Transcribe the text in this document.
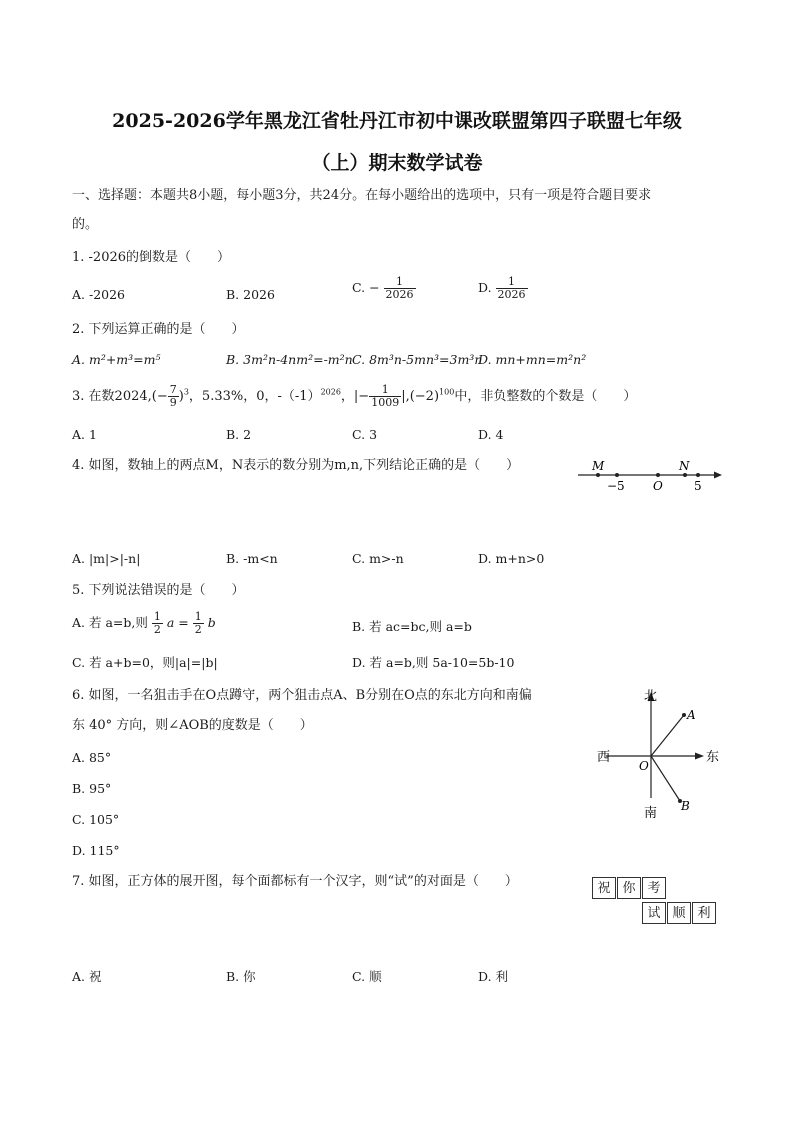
2025-2026学年黑龙江省牡丹江市初中课改联盟第四子联盟七年级
（上）期末数学试卷
一、选择题：本题共8小题，每小题3分，共24分。在每小题给出的选项中，只有一项是符合题目要求
的。
1. -2026的倒数是（　　）
A. -2026	B. 2026	C. − $\frac{1}{2026}$	D. $\frac{1}{2026}$
2. 下列运算正确的是（　　）
A. m²+m³=m⁵	B. 3m²n-4nm²=-m²n C. 8m³n-5mn³=3m³n
D. mn+mn=m²n²
3. 在数$2024,(- \frac{7}{9} )^3$，5.33%，0，$-(-1)^{2026}$，|− $\frac{1}{1009} |,(-2)^{100}$中，非负整数的个数是（　　）
A. 1	B. 2	C. 3	D. 4
4. 如图，数轴上的两点M，N表示的数分别为m,n,下列结论正确的是（　　）	M	N
−5 O	5
A. |m|>|-n|	B. -m<n	C. m>-n	D. m+n>0
5. 下列说法错误的是（　　）
A. 若 a=b,则 $\frac{1}{2}$ $a = \frac{1}{2}$ b	B. 若 ac=bc,则 a=b
C. 若 a+b=0，则|a|=|b|	D. 若 a=b,则 5a-10=5b-10
6. 如图，一名狙击手在O点蹲守，两个狙击点A、B分别在O点的东北方向和南偏
东 40° 方向，则∠AOB的度数是（　　）
A. 85°
B. 95°
C. 105°
D. 115°
北
南
东
西
O
A
B
7. 如图，正方体的展开图，每个面都标有一个汉字，则“试”的对面是（　　）	祝 你 考
试 顺 利
A. 祝	B. 你	C. 顺	D. 利
